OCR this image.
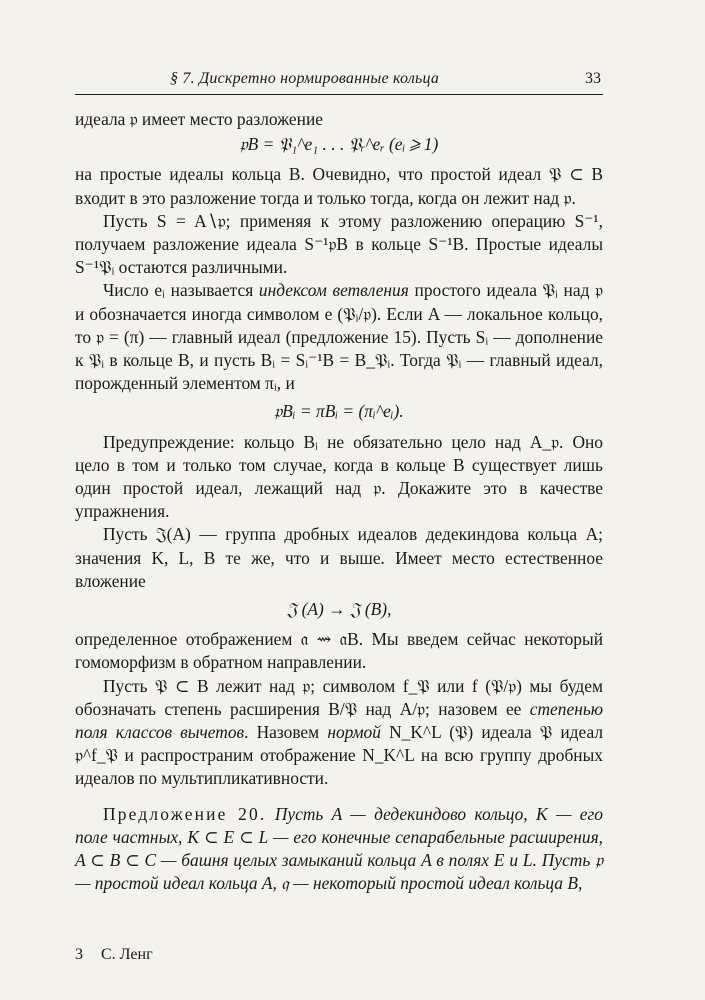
§ 7. Дискретно нормированные кольца	33

идеала 𝔭 имеет место разложение

𝔭B = 𝔓₁^e₁ . . . 𝔓ᵣ^eᵣ (eᵢ ⩾ 1)

на простые идеалы кольца B. Очевидно, что простой идеал 𝔓 ⊂ B входит в это разложение тогда и только тогда, когда он лежит над 𝔭.

Пусть S = A∖𝔭; применяя к этому разложению операцию S⁻¹, получаем разложение идеала S⁻¹𝔭B в кольце S⁻¹B. Простые идеалы S⁻¹𝔓ᵢ остаются различными.

Число eᵢ называется индексом ветвления простого идеала 𝔓ᵢ над 𝔭 и обозначается иногда символом e (𝔓ᵢ/𝔭). Если A — локальное кольцо, то 𝔭 = (π) — главный идеал (предложение 15). Пусть Sᵢ — дополнение к 𝔓ᵢ в кольце B, и пусть Bᵢ = Sᵢ⁻¹B = B_𝔓ᵢ. Тогда 𝔓ᵢ — главный идеал, порожденный элементом πᵢ, и

𝔭Bᵢ = πBᵢ = (πᵢ^eᵢ).

Предупреждение: кольцо Bᵢ не обязательно цело над A_𝔭. Оно цело в том и только том случае, когда в кольце B существует лишь один простой идеал, лежащий над 𝔭. Докажите это в качестве упражнения.

Пусть 𝔍(A) — группа дробных идеалов дедекиндова кольца A; значения K, L, B те же, что и выше. Имеет место естественное вложение

𝔍 (A) → 𝔍 (B),

определенное отображением 𝔞 ⇝ 𝔞B. Мы введем сейчас некоторый гомоморфизм в обратном направлении.

Пусть 𝔓 ⊂ B лежит над 𝔭; символом f_𝔓 или f (𝔓/𝔭) мы будем обозначать степень расширения B/𝔓 над A/𝔭; назовем ее степенью поля классов вычетов. Назовем нормой N_K^L (𝔓) идеала 𝔓 идеал 𝔭^f_𝔓 и распространим отображение N_K^L на всю группу дробных идеалов по мультипликативности.

Предложение 20. Пусть A — дедекиндово кольцо, K — его поле частных, K ⊂ E ⊂ L — его конечные сепарабельные расширения, A ⊂ B ⊂ C — башня целых замыканий кольца A в полях E и L. Пусть 𝔭 — простой идеал кольца A, 𝔮 — некоторый простой идеал кольца B,

3 С. Ленг
